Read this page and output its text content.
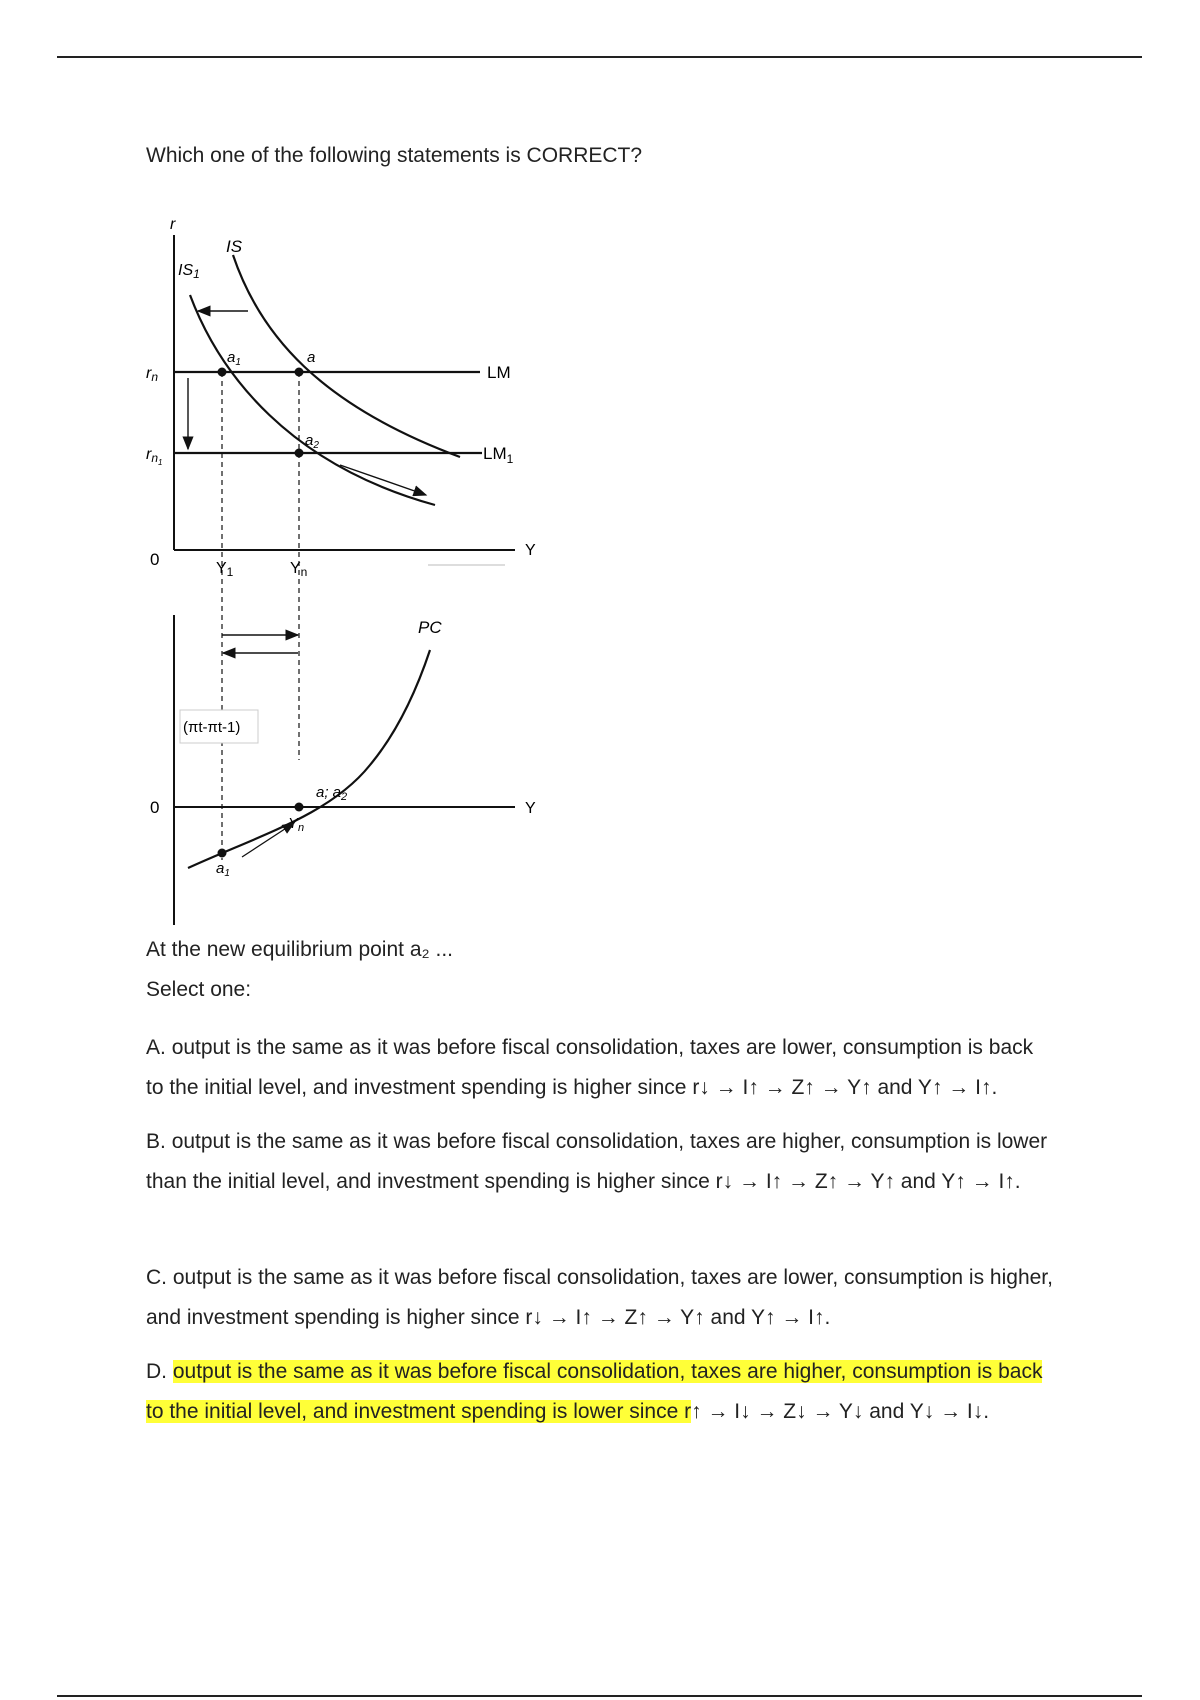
Which one of the following statements is CORRECT?
r
Y
0
LM
$LM_1$
rn
rn1
IS
IS1
$a_1$	a
$a_2$
Y1	Yn
Y
0
PC
(πt-πt-1)
a; $a_2$
$Y_n$
$a_1$
At the new equilibrium point a₂ ...
Select one:
A. output is the same as it was before fiscal consolidation, taxes are lower, consumption is back to the initial level, and investment spending is higher since r↓ → I↑ → Z↑ → Y↑ and Y↑ → I↑.
B. output is the same as it was before fiscal consolidation, taxes are higher, consumption is lower than the initial level, and investment spending is higher since r↓ → I↑ → Z↑ → Y↑ and Y↑ → I↑.
C. output is the same as it was before fiscal consolidation, taxes are lower, consumption is higher, and investment spending is higher since r↓ → I↑ → Z↑ → Y↑ and Y↑ → I↑.
D. output is the same as it was before fiscal consolidation, taxes are higher, consumption is back to the initial level, and investment spending is lower since r↑ → I↓ → Z↓ → Y↓ and Y↓ → I↓.
